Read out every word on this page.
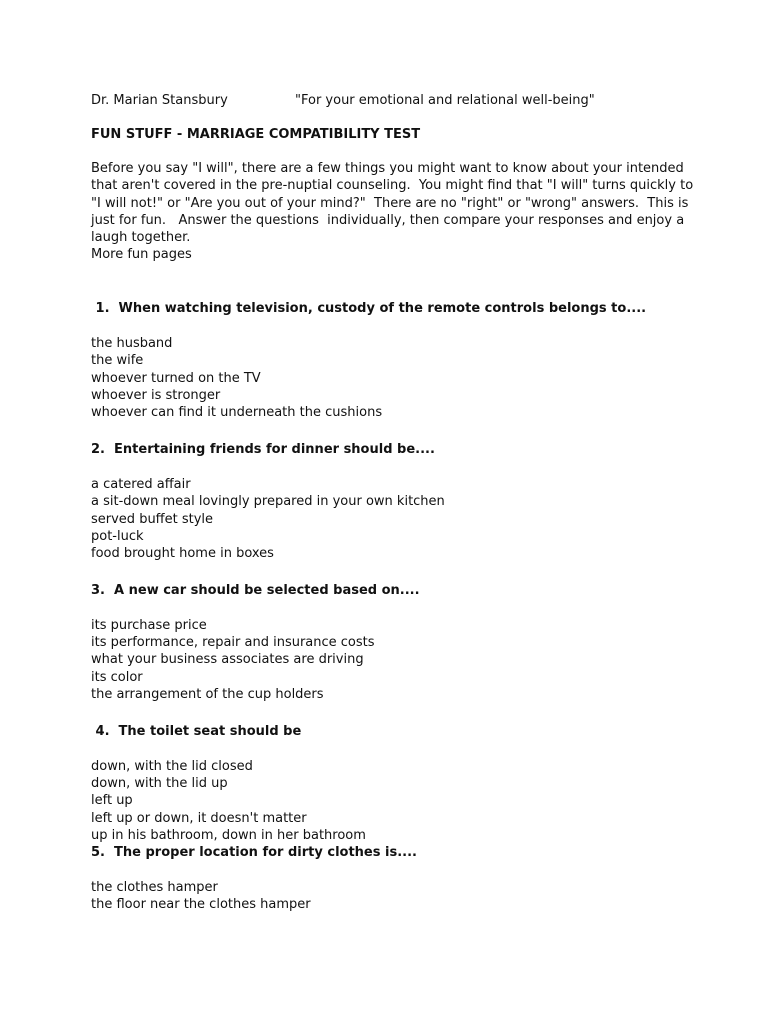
Dr. Marian Stansbury	"For your emotional and relational well-being"
FUN STUFF - MARRIAGE COMPATIBILITY TEST
Before you say "I will", there are a few things you might want to know about your intended
that aren't covered in the pre-nuptial counseling.  You might find that "I will" turns quickly to
"I will not!" or "Are you out of your mind?"  There are no "right" or "wrong" answers.  This is
just for fun.   Answer the questions  individually, then compare your responses and enjoy a
laugh together.
More fun pages
1.  When watching television, custody of the remote controls belongs to....
the husband
the wife
whoever turned on the TV
whoever is stronger
whoever can find it underneath the cushions
2.  Entertaining friends for dinner should be....
a catered affair
a sit-down meal lovingly prepared in your own kitchen
served buffet style
pot-luck
food brought home in boxes
3.  A new car should be selected based on....
its purchase price
its performance, repair and insurance costs
what your business associates are driving
its color
the arrangement of the cup holders
4.  The toilet seat should be
down, with the lid closed
down, with the lid up
left up
left up or down, it doesn't matter
up in his bathroom, down in her bathroom
5.  The proper location for dirty clothes is....
the clothes hamper
the floor near the clothes hamper
